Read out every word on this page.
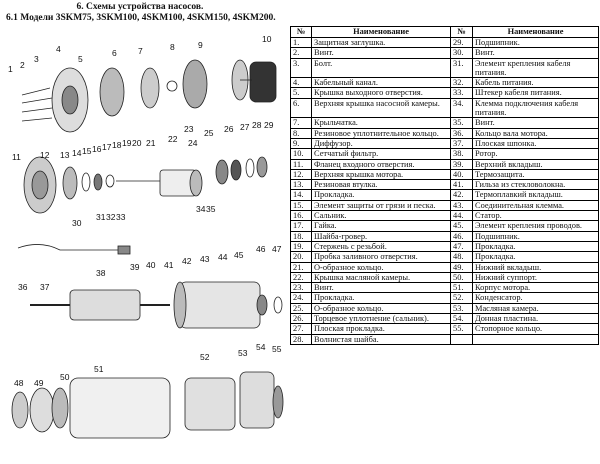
6. Схемы устройства насосов.
6.1 Модели 3SKM75, 3SKM100, 4SKM100, 4SKM150, 4SKM200.
1 2
3
4
5
6	7	8	9
10
11 12 13 14 15 16 17 18 19 20 21 22
23
24
25 26 27 28 29
30
31 32 33
34 35
36 37
38
39 40 41 42 43 44 45
46 47
48 49
50
51
52	53
54 55
№	Наименование	№	Наименование
1.	Защитная заглушка.	29.	Подшипник.
2.	Винт.	30.	Винт.
3.	Болт.	31.	Элемент крепления кабеля питания.
4.	Кабельный канал.	32.	Кабель питания.
5.	Крышка выходного отверстия.	33.	Штекер кабеля питания.
6.	Верхняя крышка насосной камеры.	34.	Клемма подключения кабеля питания.
7.	Крыльчатка.	35.	Винт.
8.	Резиновое уплотнительное кольцо.	36.	Кольцо вала мотора.
9.	Диффузор.	37.	Плоская шпонка.
10.	Сетчатый фильтр.	38.	Ротор.
11.	Фланец входного отверстия.	39.	Верхний вкладыш.
12.	Верхняя крышка мотора.	40.	Термозащита.
13.	Резиновая втулка.	41.	Гильза из стекловолокна.
14.	Прокладка.	42.	Термоплавкий вкладыш.
15.	Элемент защиты от грязи и песка.	43.	Соединительная клемма.
16.	Сальник.	44.	Статор.
17.	Гайка.	45.	Элемент крепления проводов.
18.	Шайба-гровер.	46.	Подшипник.
19.	Стержень с резьбой.	47.	Прокладка.
20.	Пробка заливного отверстия.	48.	Прокладка.
21.	О-образное кольцо.	49.	Нижний вкладыш.
22.	Крышка масляной камеры.	50.	Нижний суппорт.
23.	Винт.	51.	Корпус мотора.
24.	Прокладка.	52.	Конденсатор.
25.	О-образное кольцо.	53.	Масляная камера.
26.	Торцевое уплотнение (сальник).	54.	Донная пластина.
27.	Плоская прокладка.	55.	Стопорное кольцо.
28.	Волнистая шайба.		
